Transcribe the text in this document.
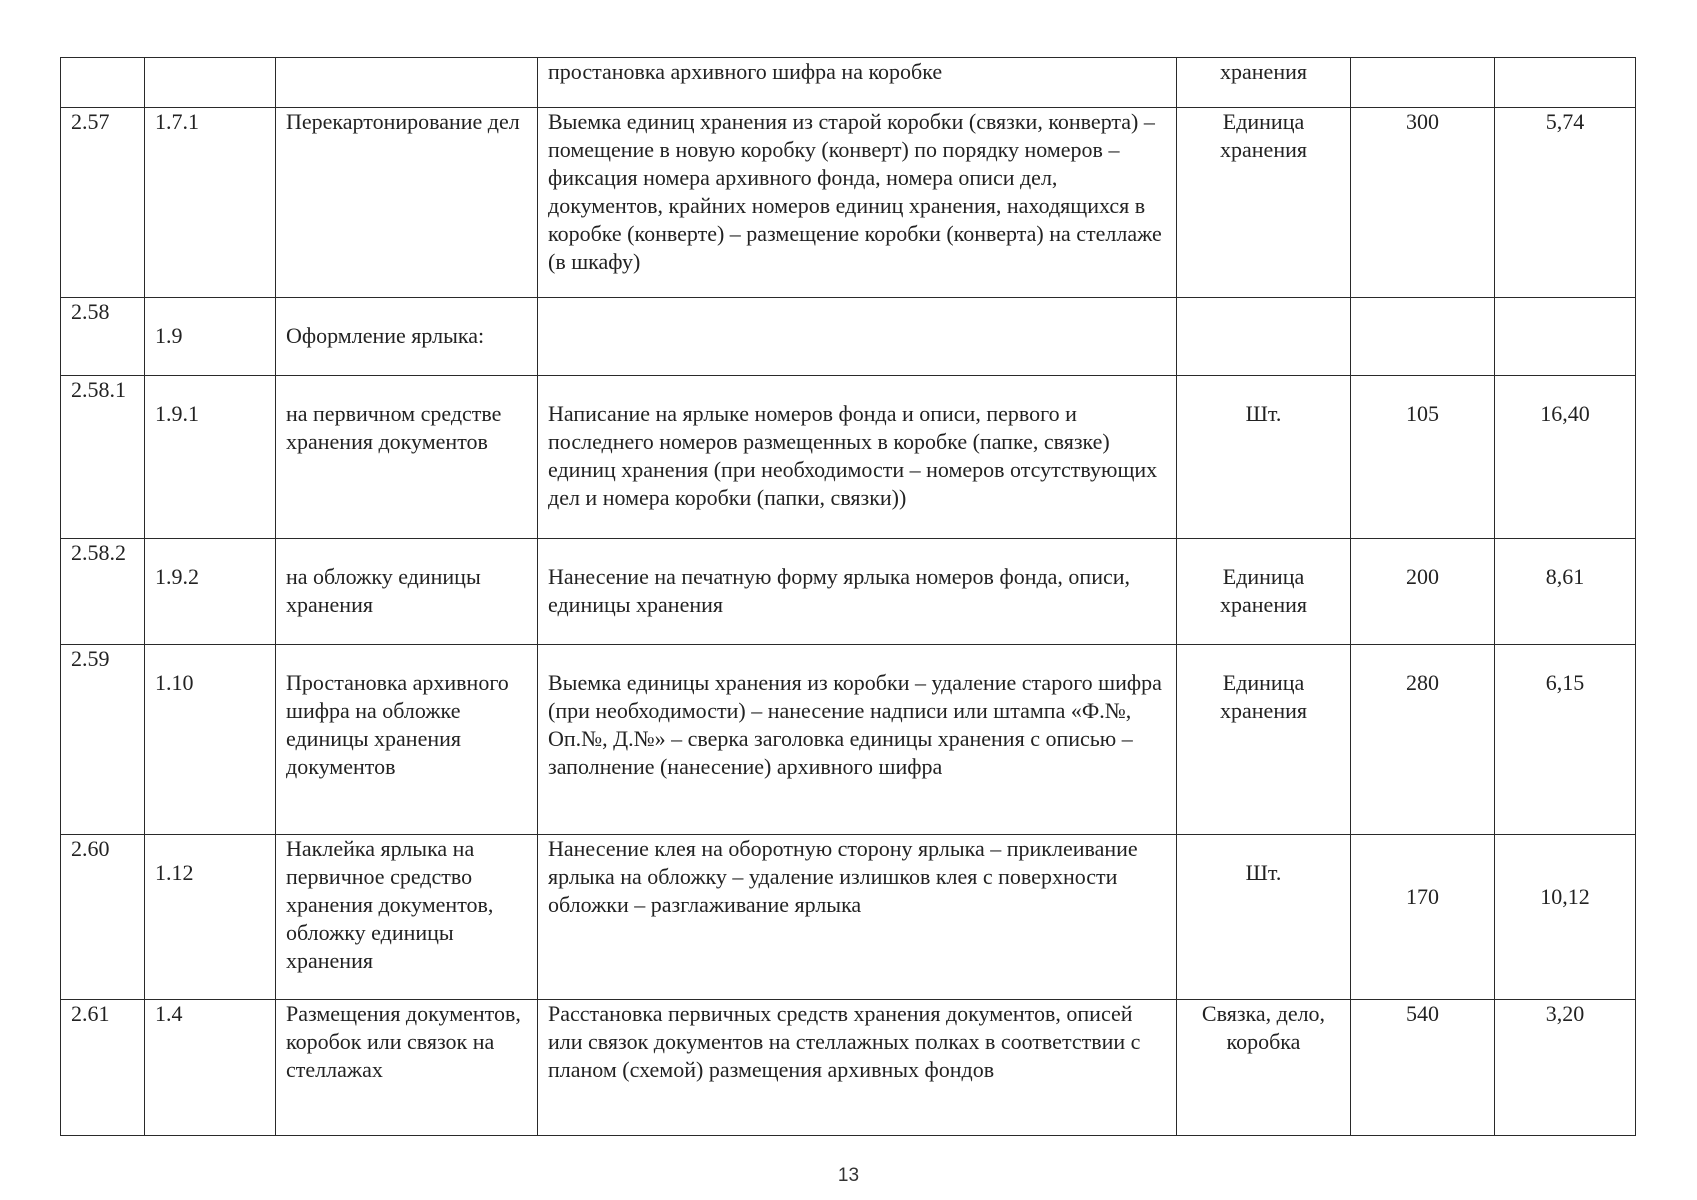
			простановка архивного шифра на коробке	хранения		

2.57	1.7.1	Перекартонирование дел	Выемка единиц хранения из старой коробки (связки, конверта) – помещение в новую коробку (конверт) по порядку номеров – фиксация номера архивного фонда, номера описи дел, документов, крайних номеров единиц хранения, находящихся в коробке (конверте) – размещение коробки (конверта) на стеллаже (в шкафу)	Единица хранения	300	5,74

2.58	1.9	Оформление ярлыка:				

2.58.1	1.9.1	на первичном средстве хранения документов	Написание на ярлыке номеров фонда и описи, первого и последнего номеров размещенных в коробке (папке, связке) единиц хранения (при необходимости – номеров отсутствующих дел и номера коробки (папки, связки))	Шт.	105	16,40

2.58.2	1.9.2	на обложку единицы хранения	Нанесение на печатную форму ярлыка номеров фонда, описи, единицы хранения	Единица хранения	200	8,61

2.59	1.10	Простановка архивного шифра на обложке единицы хранения документов	Выемка единицы хранения из коробки – удаление старого шифра (при необходимости) – нанесение надписи или штампа «Ф.№, Оп.№, Д.№» – сверка заголовка единицы хранения с описью – заполнение (нанесение) архивного шифра	Единица хранения	280	6,15

2.60	1.12	Наклейка ярлыка на первичное средство хранения документов, обложку единицы хранения	Нанесение клея на оборотную сторону ярлыка – приклеивание ярлыка на обложку – удаление излишков клея с поверхности обложки – разглаживание ярлыка	Шт.	170	10,12

2.61	1.4	Размещения документов, коробок или связок на стеллажах	Расстановка первичных средств хранения документов, описей или связок документов на стеллажных полках в соответствии с планом (схемой) размещения архивных фондов	Связка, дело, коробка	540	3,20
13
